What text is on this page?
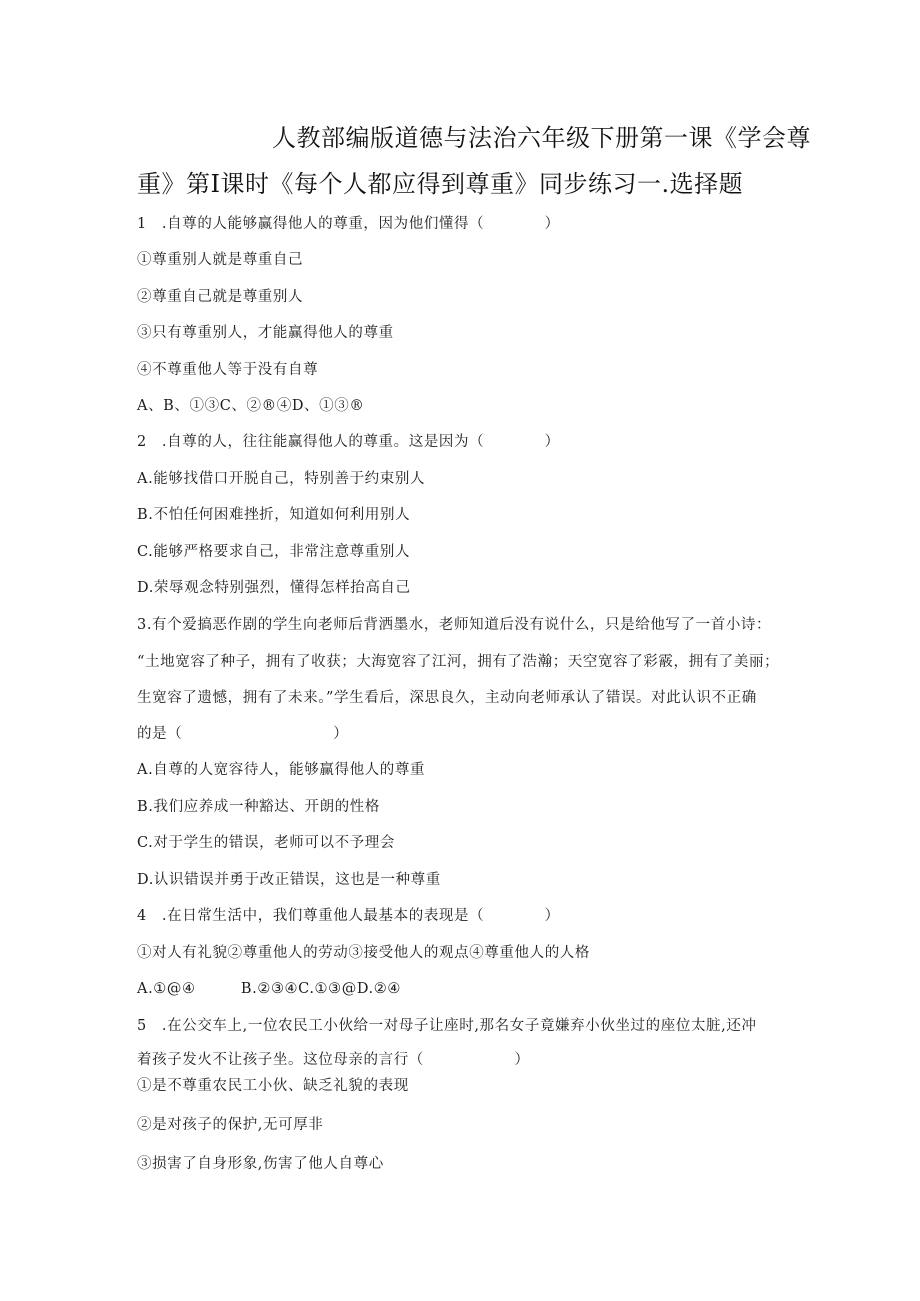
人教部编版道德与法治六年级下册第一课《学会尊
重》第Ⅰ课时《每个人都应得到尊重》同步练习一.选择题
1　.自尊的人能够赢得他人的尊重，因为他们懂得（　　　　）
①尊重别人就是尊重自己
②尊重自己就是尊重别人
③只有尊重别人，才能赢得他人的尊重
④不尊重他人等于没有自尊
A、B、①③C、②®④D、①③®
2　.自尊的人，往往能赢得他人的尊重。这是因为（　　　　）
A.能够找借口开脱自己，特别善于约束别人
B.不怕任何困难挫折，知道如何利用别人
C.能够严格要求自己，非常注意尊重别人
D.荣辱观念特别强烈，懂得怎样抬高自己
3.有个爱搞恶作剧的学生向老师后背洒墨水，老师知道后没有说什么，只是给他写了一首小诗：
“土地宽容了种子，拥有了收获；大海宽容了江河，拥有了浩瀚；天空宽容了彩霰，拥有了美丽；
生宽容了遗憾，拥有了未来。”学生看后，深思良久，主动向老师承认了错误。对此认识不正确
的是（　　　　　　　　　　）
A.自尊的人宽容待人，能够赢得他人的尊重
B.我们应养成一种豁达、开朗的性格
C.对于学生的错误，老师可以不予理会
D.认识错误并勇于改正错误，这也是一种尊重
4　.在日常生活中，我们尊重他人最基本的表现是（　　　　）
①对人有礼貌②尊重他人的劳动③接受他人的观点④尊重他人的人格
A.①@④　　　B.②③④C.①③@D.②④
5　.在公交车上,一位农民工小伙给一对母子让座时,那名女子竟嫌弃小伙坐过的座位太脏,还冲
着孩子发火不让孩子坐。这位母亲的言行（　　　　　　）
①是不尊重农民工小伙、缺乏礼貌的表现
②是对孩子的保护,无可厚非
③损害了自身形象,伤害了他人自尊心
